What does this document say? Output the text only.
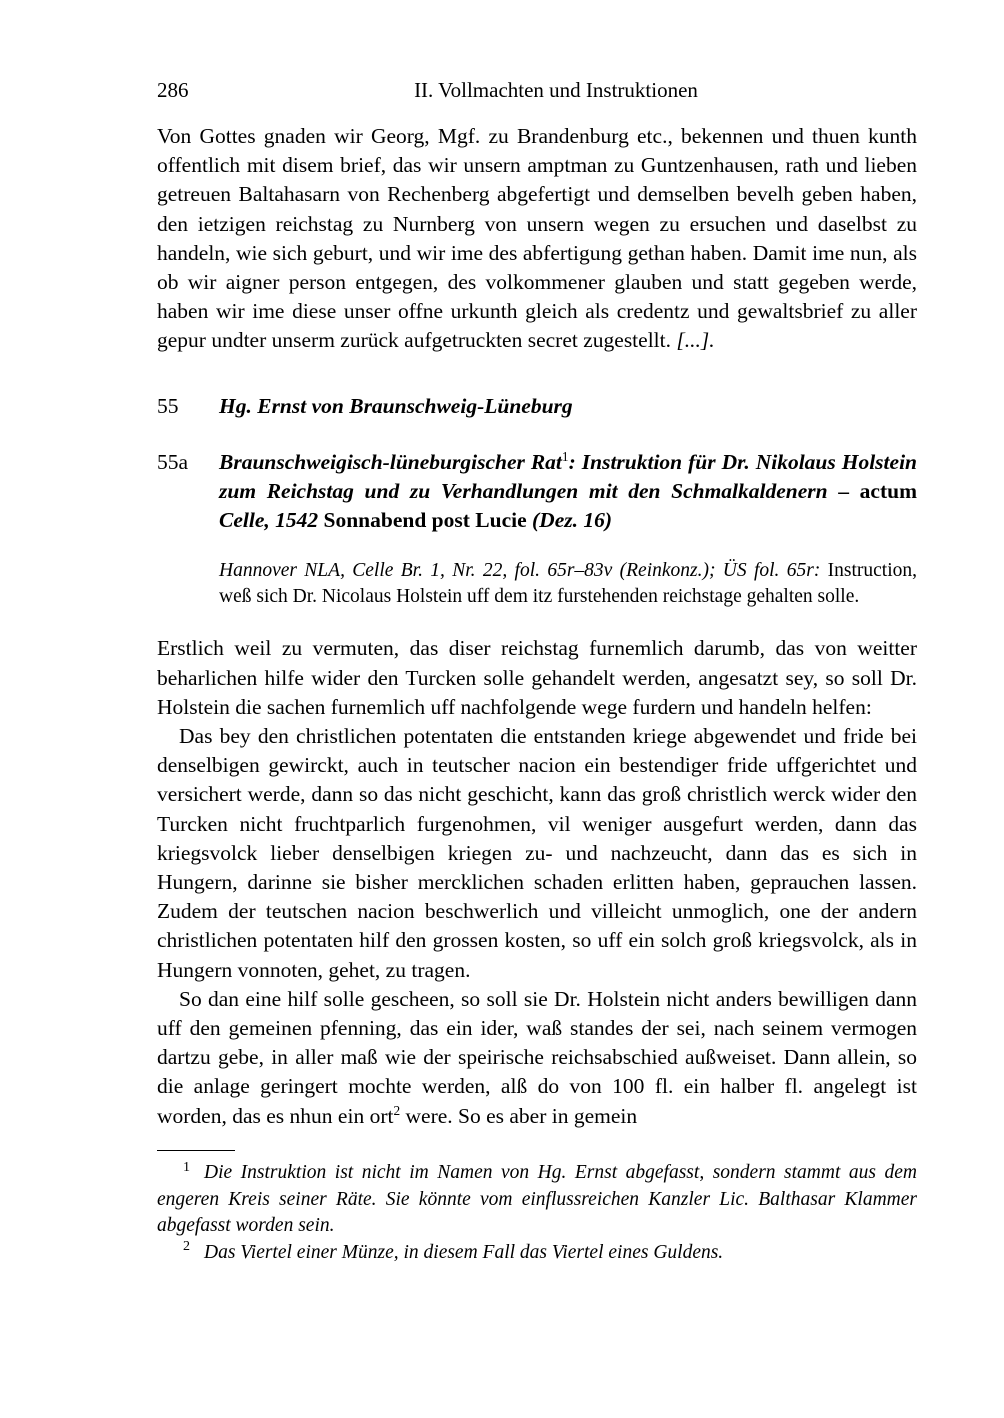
286	II. Vollmachten und Instruktionen

Von Gottes gnaden wir Georg, Mgf. zu Brandenburg etc., bekennen und thuen kunth offentlich mit disem brief, das wir unsern amptman zu Guntzenhausen, rath und lieben getreuen Baltahasarn von Rechenberg abgefertigt und demselben bevelh geben haben, den ietzigen reichstag zu Nurnberg von unsern wegen zu ersuchen und daselbst zu handeln, wie sich geburt, und wir ime des abfertigung gethan haben. Damit ime nun, als ob wir aigner person entgegen, des volkommener glauben und statt gegeben werde, haben wir ime diese unser offne urkunth gleich als credentz und gewaltsbrief zu aller gepur undter unserm zurück aufgetruckten secret zugestellt. [...].

55 Hg. Ernst von Braunschweig-Lüneburg
55a Braunschweigisch-lüneburgischer Rat$^1$: Instruktion für Dr. Nikolaus Holstein zum Reichstag und zu Verhandlungen mit den Schmalkaldenern – actum Celle, 1542 Sonnabend post Lucie (Dez. 16)
Hannover NLA, Celle Br. 1, Nr. 22, fol. 65r–83v (Reinkonz.); ÜS fol. 65r: Instruction, weß sich Dr. Nicolaus Holstein uff dem itz furstehenden reichstage gehalten solle.

Erstlich weil zu vermuten, das diser reichstag furnemlich darumb, das von weitter beharlichen hilfe wider den Turcken solle gehandelt werden, angesatzt sey, so soll Dr. Holstein die sachen furnemlich uff nachfolgende wege furdern und handeln helfen:

Das bey den christlichen potentaten die entstanden kriege abgewendet und fride bei denselbigen gewirckt, auch in teutscher nacion ein bestendiger fride uffgerichtet und versichert werde, dann so das nicht geschicht, kann das groß christlich werck wider den Turcken nicht fruchtparlich furgenohmen, vil weniger ausgefurt werden, dann das kriegsvolck lieber denselbigen kriegen zu- und nachzeucht, dann das es sich in Hungern, darinne sie bisher mercklichen schaden erlitten haben, geprauchen lassen. Zudem der teutschen nacion beschwerlich und villeicht unmoglich, one der andern christlichen potentaten hilf den grossen kosten, so uff ein solch groß kriegsvolck, als in Hungern vonnoten, gehet, zu tragen.

So dan eine hilf solle gescheen, so soll sie Dr. Holstein nicht anders bewilligen dann uff den gemeinen pfenning, das ein ider, waß standes der sei, nach seinem vermogen dartzu gebe, in aller maß wie der speirische reichsabschied außweiset. Dann allein, so die anlage geringert mochte werden, alß do von 100 fl. ein halber fl. angelegt ist worden, das es nhun ein ort$^2$ were. So es aber in gemein

$^1$ Die Instruktion ist nicht im Namen von Hg. Ernst abgefasst, sondern stammt aus dem engeren Kreis seiner Räte. Sie könnte vom einflussreichen Kanzler Lic. Balthasar Klammer abgefasst worden sein.

$^2$ Das Viertel einer Münze, in diesem Fall das Viertel eines Guldens.
